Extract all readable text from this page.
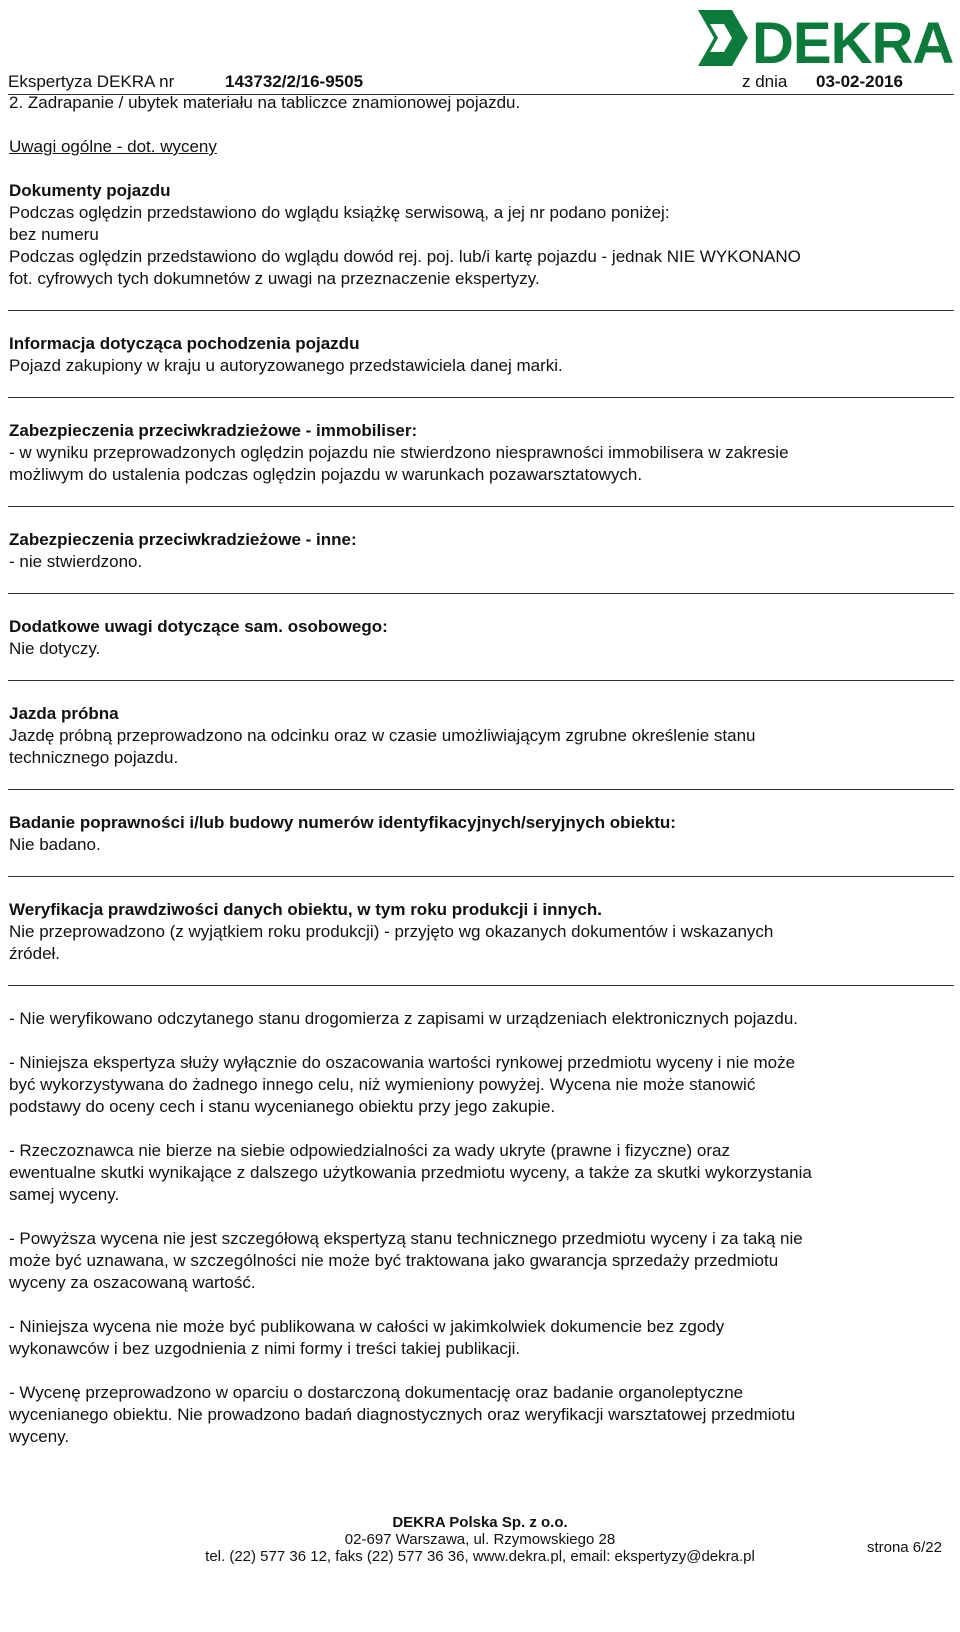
DEKRA
Ekspertyza DEKRA nr	143732/2/16-9505	z dnia 03-02-2016

2. Zadrapanie / ubytek materiału na tabliczce znamionowej pojazdu.

Uwagi ogólne - dot. wyceny

Dokumenty pojazdu

Podczas oględzin przedstawiono do wglądu książkę serwisową, a jej nr podano poniżej:

bez numeru

Podczas oględzin przedstawiono do wglądu dowód rej. poj. lub/i kartę pojazdu - jednak NIE WYKONANO

fot. cyfrowych tych dokumnetów z uwagi na przeznaczenie ekspertyzy.

Informacja dotycząca pochodzenia pojazdu

Pojazd zakupiony w kraju u autoryzowanego przedstawiciela danej marki.

Zabezpieczenia przeciwkradzieżowe - immobiliser:

- w wyniku przeprowadzonych oględzin pojazdu nie stwierdzono niesprawności immobilisera w zakresie

możliwym do ustalenia podczas oględzin pojazdu w warunkach pozawarsztatowych.

Zabezpieczenia przeciwkradzieżowe - inne:

- nie stwierdzono.

Dodatkowe uwagi dotyczące sam. osobowego:

Nie dotyczy.

Jazda próbna

Jazdę próbną przeprowadzono na odcinku oraz w czasie umożliwiającym zgrubne określenie stanu

technicznego pojazdu.

Badanie poprawności i/lub budowy numerów identyfikacyjnych/seryjnych obiektu:

Nie badano.

Weryfikacja prawdziwości danych obiektu, w tym roku produkcji i innych.

Nie przeprowadzono (z wyjątkiem roku produkcji) - przyjęto wg okazanych dokumentów i wskazanych

źródeł.

- Nie weryfikowano odczytanego stanu drogomierza z zapisami w urządzeniach elektronicznych pojazdu.

- Niniejsza ekspertyza służy wyłącznie do oszacowania wartości rynkowej przedmiotu wyceny i nie może

być wykorzystywana do żadnego innego celu, niż wymieniony powyżej. Wycena nie może stanowić

podstawy do oceny cech i stanu wycenianego obiektu przy jego zakupie.

- Rzeczoznawca nie bierze na siebie odpowiedzialności za wady ukryte (prawne i fizyczne) oraz

ewentualne skutki wynikające z dalszego użytkowania przedmiotu wyceny, a także za skutki wykorzystania

samej wyceny.

- Powyższa wycena nie jest szczegółową ekspertyzą stanu technicznego przedmiotu wyceny i za taką nie

może być uznawana, w szczególności nie może być traktowana jako gwarancja sprzedaży przedmiotu

wyceny za oszacowaną wartość.

- Niniejsza wycena nie może być publikowana w całości w jakimkolwiek dokumencie bez zgody

wykonawców i bez uzgodnienia z nimi formy i treści takiej publikacji.

- Wycenę przeprowadzono w oparciu o dostarczoną dokumentację oraz badanie organoleptyczne

wycenianego obiektu. Nie prowadzono badań diagnostycznych oraz weryfikacji warsztatowej przedmiotu

wyceny.

strona 6/22
DEKRA Polska Sp. z o.o.
02-697 Warszawa, ul. Rzymowskiego 28
tel. (22) 577 36 12, faks (22) 577 36 36, www.dekra.pl, email: ekspertyzy@dekra.pl
